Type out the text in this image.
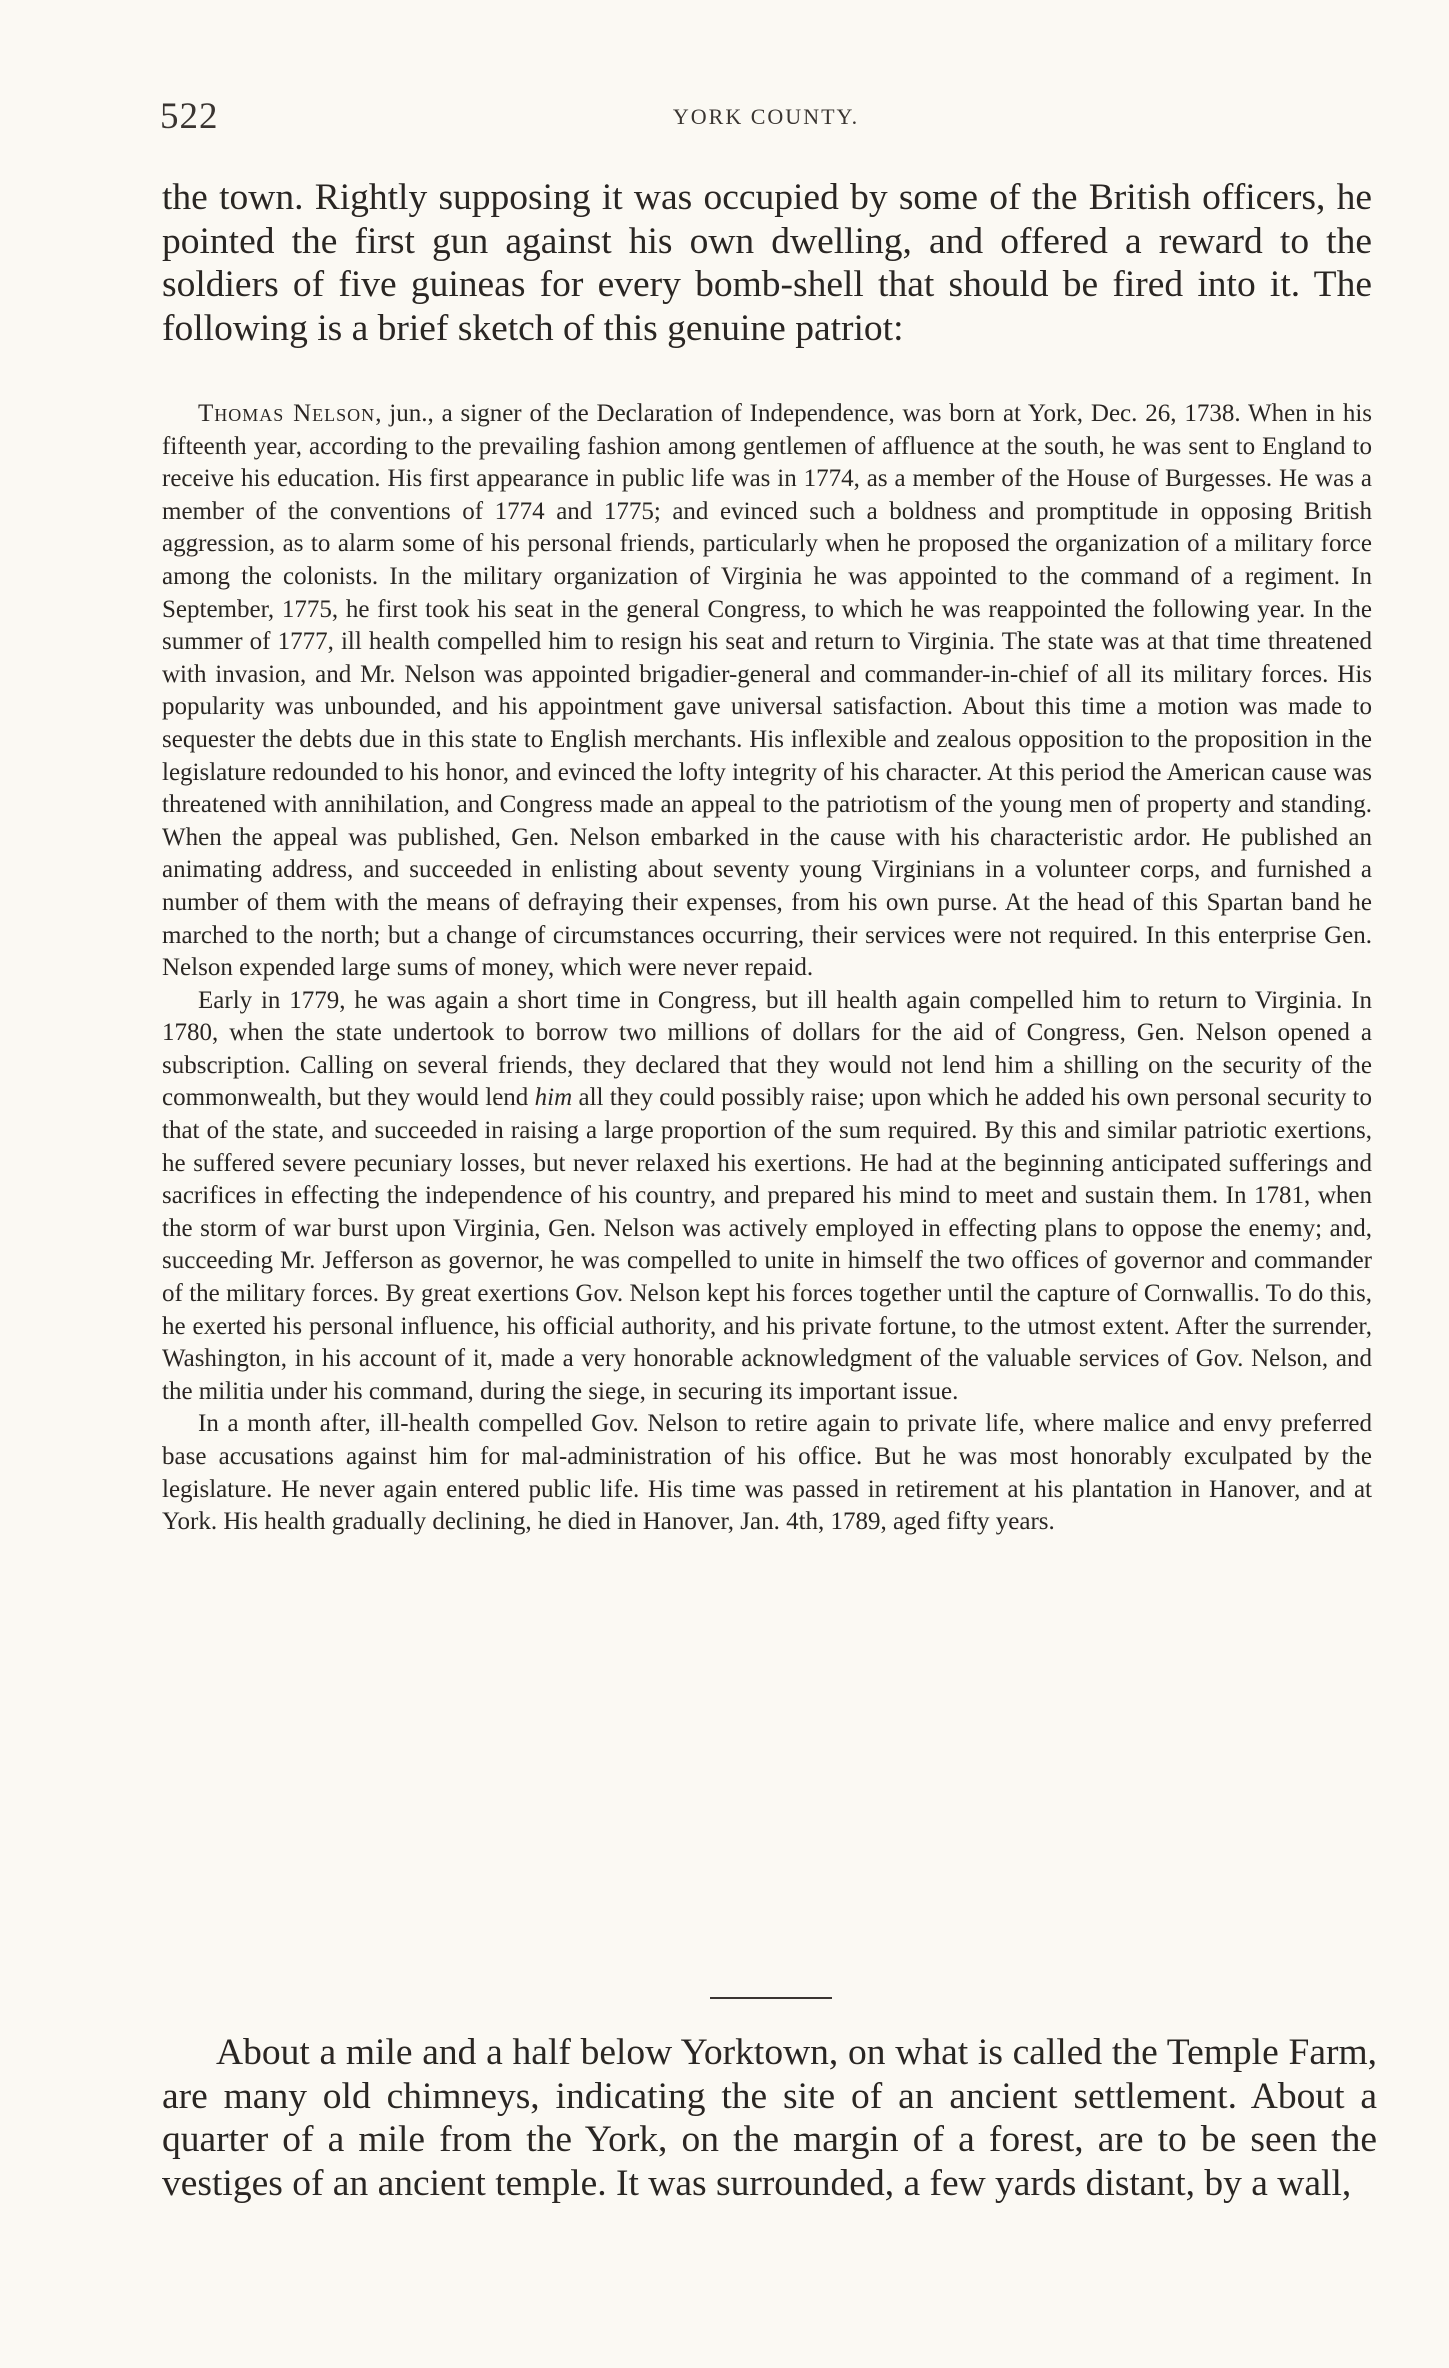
522	YORK COUNTY.

the town. Rightly supposing it was occupied by some of the British officers, he pointed the first gun against his own dwelling, and offered a reward to the soldiers of five guineas for every bomb-shell that should be fired into it. The following is a brief sketch of this genuine patriot:

Thomas Nelson, jun., a signer of the Declaration of Independence, was born at York, Dec. 26, 1738. When in his fifteenth year, according to the prevailing fashion among gentlemen of affluence at the south, he was sent to England to receive his education. His first appearance in public life was in 1774, as a member of the House of Burgesses. He was a member of the conventions of 1774 and 1775; and evinced such a boldness and promptitude in opposing British aggression, as to alarm some of his personal friends, particularly when he proposed the organization of a military force among the colonists. In the military organization of Virginia he was appointed to the command of a regiment. In September, 1775, he first took his seat in the general Congress, to which he was reappointed the following year. In the summer of 1777, ill health compelled him to resign his seat and return to Virginia. The state was at that time threatened with invasion, and Mr. Nelson was appointed brigadier-general and commander-in-chief of all its military forces. His popularity was unbounded, and his appointment gave universal satisfaction. About this time a motion was made to sequester the debts due in this state to English merchants. His inflexible and zealous opposition to the proposition in the legislature redounded to his honor, and evinced the lofty integrity of his character. At this period the American cause was threatened with annihilation, and Congress made an appeal to the patriotism of the young men of property and standing. When the appeal was published, Gen. Nelson embarked in the cause with his characteristic ardor. He published an animating address, and succeeded in enlisting about seventy young Virginians in a volunteer corps, and furnished a number of them with the means of defraying their expenses, from his own purse. At the head of this Spartan band he marched to the north; but a change of circumstances occurring, their services were not required. In this enterprise Gen. Nelson expended large sums of money, which were never repaid.

Early in 1779, he was again a short time in Congress, but ill health again compelled him to return to Virginia. In 1780, when the state undertook to borrow two millions of dollars for the aid of Congress, Gen. Nelson opened a subscription. Calling on several friends, they declared that they would not lend him a shilling on the security of the commonwealth, but they would lend him all they could possibly raise; upon which he added his own personal security to that of the state, and succeeded in raising a large proportion of the sum required. By this and similar patriotic exertions, he suffered severe pecuniary losses, but never relaxed his exertions. He had at the beginning anticipated sufferings and sacrifices in effecting the independence of his country, and prepared his mind to meet and sustain them. In 1781, when the storm of war burst upon Virginia, Gen. Nelson was actively employed in effecting plans to oppose the enemy; and, succeeding Mr. Jefferson as governor, he was compelled to unite in himself the two offices of governor and commander of the military forces. By great exertions Gov. Nelson kept his forces together until the capture of Cornwallis. To do this, he exerted his personal influence, his official authority, and his private fortune, to the utmost extent. After the surrender, Washington, in his account of it, made a very honorable acknowledgment of the valuable services of Gov. Nelson, and the militia under his command, during the siege, in securing its important issue.

In a month after, ill-health compelled Gov. Nelson to retire again to private life, where malice and envy preferred base accusations against him for mal-administration of his office. But he was most honorably exculpated by the legislature. He never again entered public life. His time was passed in retirement at his plantation in Hanover, and at York. His health gradually declining, he died in Hanover, Jan. 4th, 1789, aged fifty years.

About a mile and a half below Yorktown, on what is called the Temple Farm, are many old chimneys, indicating the site of an ancient settlement. About a quarter of a mile from the York, on the margin of a forest, are to be seen the vestiges of an ancient temple. It was surrounded, a few yards distant, by a wall,
